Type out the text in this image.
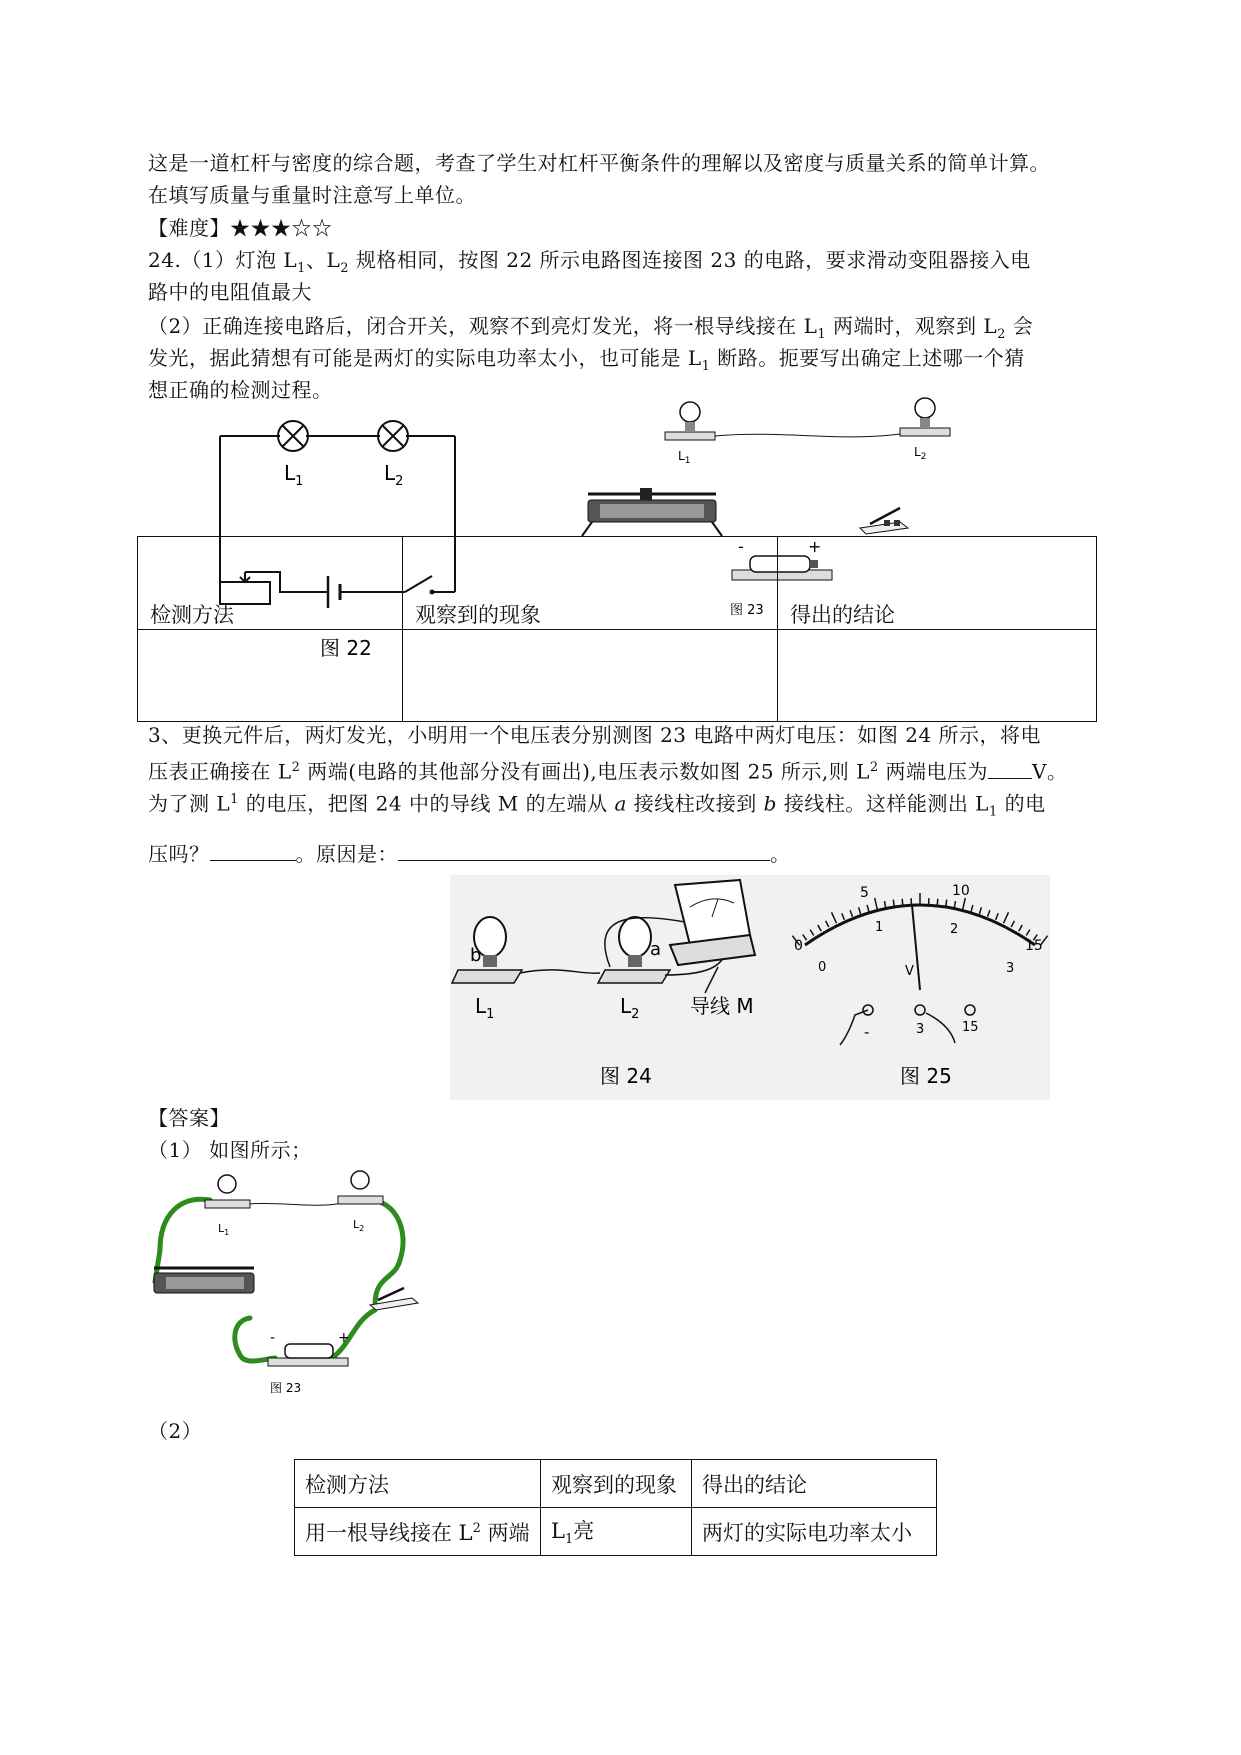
这是一道杠杆与密度的综合题，考查了学生对杠杆平衡条件的理解以及密度与质量关系的简单计算。
在填写质量与重量时注意写上单位。
【难度】★★★☆☆
24.（1）灯泡 $L_1$、$L_2$ 规格相同，按图 22 所示电路图连接图 23 的电路，要求滑动变阻器接入电
路中的电阻值最大
（2）正确连接电路后，闭合开关，观察不到亮灯发光，将一根导线接在 $L_1$ 两端时，观察到 $L_2$ 会
发光，据此猜想有可能是两灯的实际电功率太小，也可能是 $L_1$ 断路。扼要写出确定上述哪一个猜
想正确的检测过程。
$L_1$	$L_2$
图 22
$L_1$
$L_2$
-	+
图 23
检测方法	观察到的现象	得出的结论

3、更换元件后，两灯发光，小明用一个电压表分别测图 23 电路中两灯电压：如图 24 所示，将电
压表正确接在 $L^2$ 两端(电路的其他部分没有画出),电压表示数如图 25 所示,则 $L^2$ 两端电压为 V。
为了测 $L^1$ 的电压，把图 24 中的导线 M 的左端从 a 接线柱改接到 b 接线柱。这样能测出 $L_1$ 的电
压吗？	。原因是：	。
b	a
$L_1$	$L_2$	导线 M
图 24
0
5	10
15
0
1	2
3
V
-	3	15
图 25
【答案】
（1） 如图所示；
$L_1$
$L_2$
-	+
图 23
（2）
检测方法	观察到的现象	得出的结论
用一根导线接在 $L^2$ 两端	$L_1$亮	两灯的实际电功率太小
